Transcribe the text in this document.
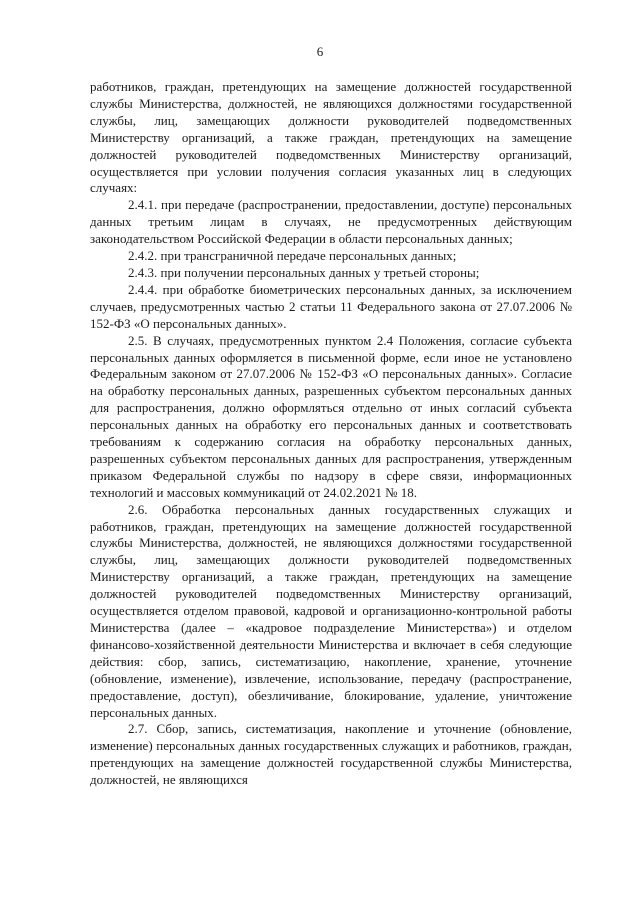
6

работников, граждан, претендующих на замещение должностей государственной службы Министерства, должностей, не являющихся должностями государственной службы, лиц, замещающих должности руководителей подведомственных Министерству организаций, а также граждан, претендующих на замещение должностей руководителей подведомственных Министерству организаций, осуществляется при условии получения согласия указанных лиц в следующих случаях:

2.4.1. при передаче (распространении, предоставлении, доступе) персональных данных третьим лицам в случаях, не предусмотренных действующим законодательством Российской Федерации в области персональных данных;

2.4.2. при трансграничной передаче персональных данных;

2.4.3. при получении персональных данных у третьей стороны;

2.4.4. при обработке биометрических персональных данных, за исключением случаев, предусмотренных частью 2 статьи 11 Федерального закона от 27.07.2006 № 152-ФЗ «О персональных данных».

2.5. В случаях, предусмотренных пунктом 2.4 Положения, согласие субъекта персональных данных оформляется в письменной форме, если иное не установлено Федеральным законом от 27.07.2006 № 152-ФЗ «О персональных данных». Согласие на обработку персональных данных, разрешенных субъектом персональных данных для распространения, должно оформляться отдельно от иных согласий субъекта персональных данных на обработку его персональных данных и соответствовать требованиям к содержанию согласия на обработку персональных данных, разрешенных субъектом персональных данных для распространения, утвержденным приказом Федеральной службы по надзору в сфере связи, информационных технологий и массовых коммуникаций от 24.02.2021 № 18.

2.6. Обработка персональных данных государственных служащих и работников, граждан, претендующих на замещение должностей государственной службы Министерства, должностей, не являющихся должностями государственной службы, лиц, замещающих должности руководителей подведомственных Министерству организаций, а также граждан, претендующих на замещение должностей руководителей подведомственных Министерству организаций, осуществляется отделом правовой, кадровой и организационно-контрольной работы Министерства (далее – «кадровое подразделение Министерства») и отделом финансово-хозяйственной деятельности Министерства и включает в себя следующие действия: сбор, запись, систематизацию, накопление, хранение, уточнение (обновление, изменение), извлечение, использование, передачу (распространение, предоставление, доступ), обезличивание, блокирование, удаление, уничтожение персональных данных.

2.7. Сбор, запись, систематизация, накопление и уточнение (обновление, изменение) персональных данных государственных служащих и работников, граждан, претендующих на замещение должностей государственной службы Министерства, должностей, не являющихся
